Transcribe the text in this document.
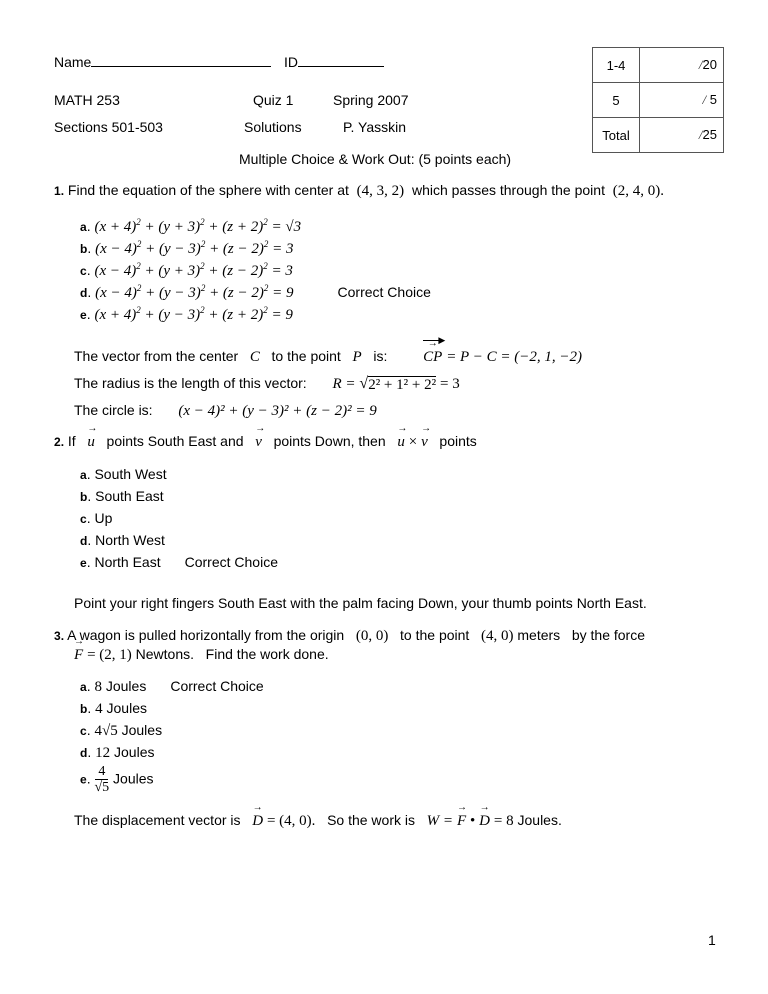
Name	ID
MATH 253	Quiz 1	Spring 2007
Sections 501-503	Solutions	P. Yasskin
1-4	/20
5	/ 5
Total	/25
Multiple Choice & Work Out: (5 points each)
1. Find the equation of the sphere with center at (4, 3, 2) which passes through the point (2, 4, 0).
a. $(x + 4)^2 + (y + 3)^2 + (z + 2)^2 = √3$
b. $(x - 4)^2 + (y - 3)^2 + (z - 2)^2 = 3$
c. $(x - 4)^2 + (y + 3)^2 + (z - 2)^2 = 3$
d. $(x - 4)^2 + (y - 3)^2 + (z - 2)^2 = 9$	Correct Choice
e. $(x + 4)^2 + (y - 3)^2 + (z + 2)^2 = 9$
The vector from the center C to the point P is:
→ ▶
CP = P − C = (−2, 1, −2)
The radius is the length of this vector: R = √ 2² + 1² + 2² = 3
The circle is: (x − 4)² + (y − 3)² + (z − 2)² = 9
2. If → u points South East and → v points Down, then → u × → v points
a. South West
b. South East
c. Up
d. North West
e. North East Correct Choice
Point your right fingers South East with the palm facing Down, your thumb points North East.
3. A wagon is pulled horizontally from the origin (0, 0) to the point (4, 0) meters   by the force
→ F = (2, 1) Newtons.   Find the work done.
a. 8 Joules Correct Choice
b. 4 Joules
c. 4√5 Joules
d. 12 Joules
e. $\frac{4}{√5}$ Joules
The displacement vector is → D = (4, 0). So the work is W = → F • → D = 8 Joules.
1
